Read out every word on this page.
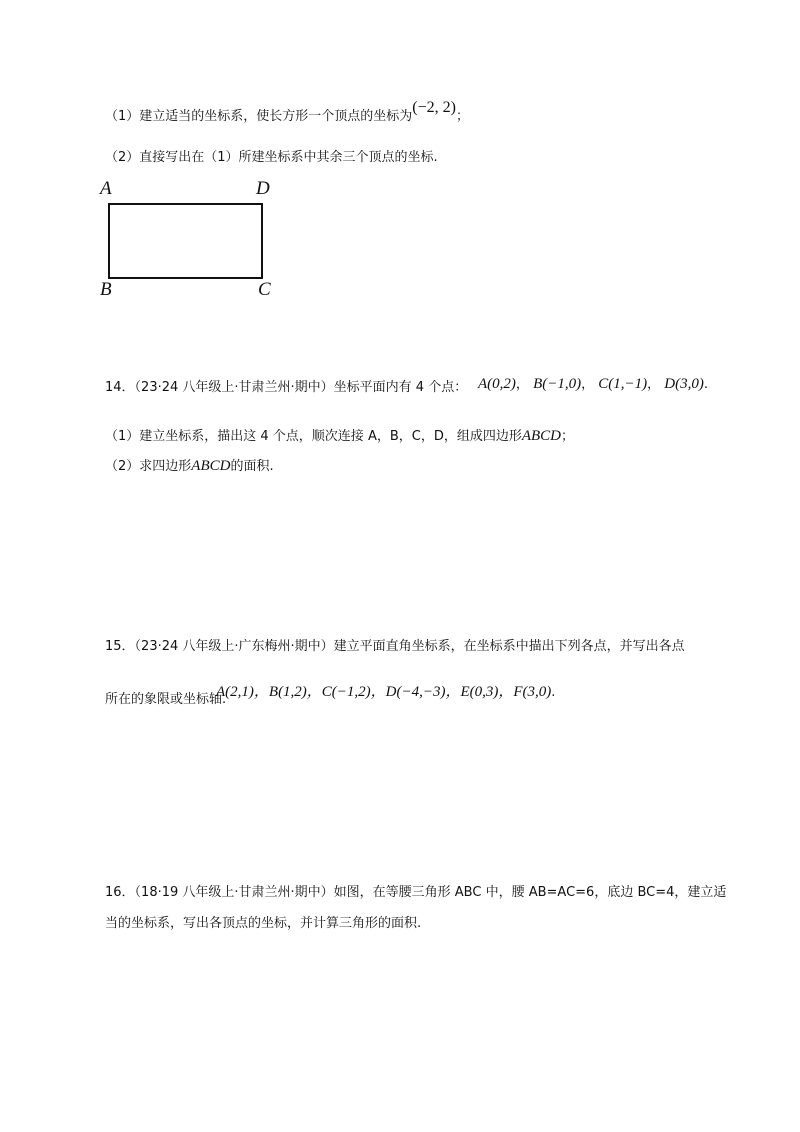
（1）建立适当的坐标系，使长方形一个顶点的坐标为(−2, 2)；
（2）直接写出在（1）所建坐标系中其余三个顶点的坐标.
A	D
B	C
14．（23·24 八年级上·甘肃兰州·期中）坐标平面内有 4 个点： A(0,2)， B(−1,0)， C(1,−1)， D(3,0).
（1）建立坐标系，描出这 4 个点，顺次连接 A，B，C，D，组成四边形ABCD；
（2）求四边形ABCD的面积.
15．（23·24 八年级上·广东梅州·期中）建立平面直角坐标系，在坐标系中描出下列各点，并写出各点
所在的象限或坐标轴.
A(2,1)，B(1,2)，C(−1,2)，D(−4,−3)，E(0,3)，F(3,0).
16．（18·19 八年级上·甘肃兰州·期中）如图，在等腰三角形 ABC 中，腰 AB=AC=6，底边 BC=4，建立适
当的坐标系，写出各顶点的坐标，并计算三角形的面积.
